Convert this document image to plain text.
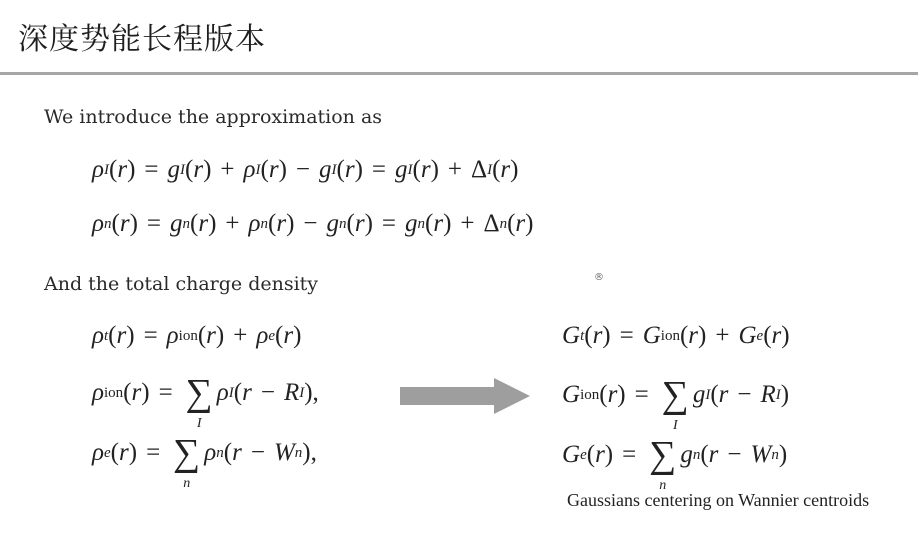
深度势能长程版本
We introduce the approximation as
ρ I ( r ) = g I ( r ) + ρ I ( r ) − g I ( r ) = g I ( r ) + Δ I ( r )
ρ n ( r ) = g n ( r ) + ρ n ( r ) − g n ( r ) = g n ( r ) + Δ n ( r )
And the total charge density	®
ρ t ( r ) = ρ ion ( r ) + ρ e ( r )
ρ ion ( r ) = ∑
I
ρ I ( r − R I ) ,
ρ e ( r ) = ∑
n
ρ n ( r − W n ) ,
G t ( r ) = G ion ( r ) + G e ( r )
G ion ( r ) = ∑
I
g I ( r − R I )
G e ( r ) = ∑
n
g n ( r − W n )
Gaussians centering on Wannier centroids
